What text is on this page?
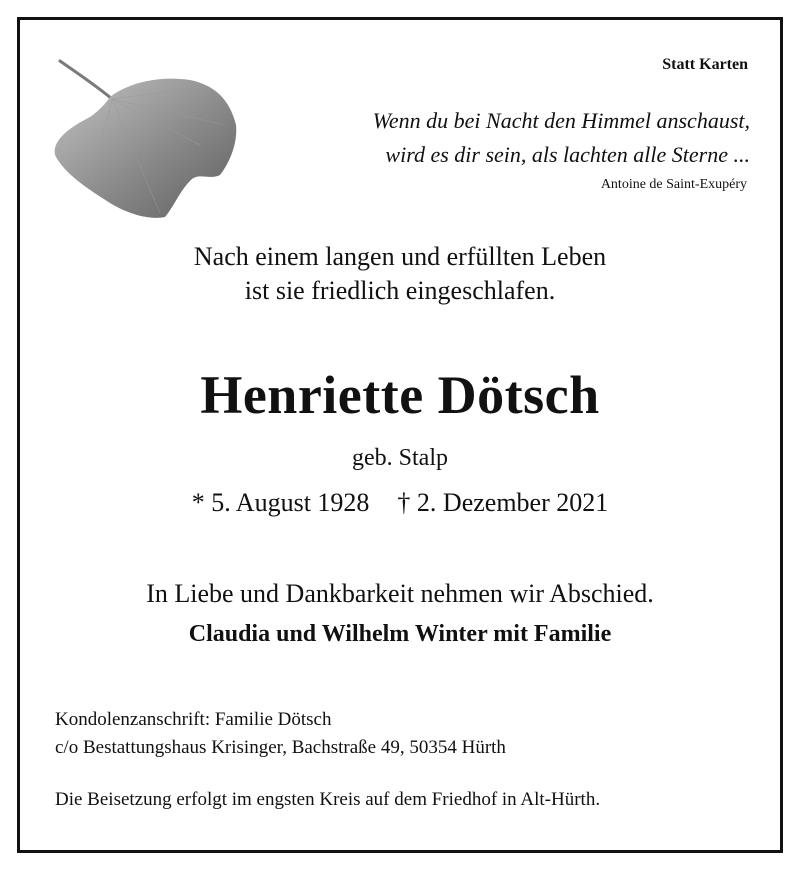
Statt Karten

Wenn du bei Nacht den Himmel anschaust,
wird es dir sein, als lachten alle Sterne ...

Antoine de Saint-Exupéry

Nach einem langen und erfüllten Leben
ist sie friedlich eingeschlafen.
Henriette Dötsch

geb. Stalp

* 5. August 1928 † 2. Dezember 2021

In Liebe und Dankbarkeit nehmen wir Abschied.

Claudia und Wilhelm Winter mit Familie

Kondolenzanschrift: Familie Dötsch
c/o Bestattungshaus Krisinger, Bachstraße 49, 50354 Hürth

Die Beisetzung erfolgt im engsten Kreis auf dem Friedhof in Alt-Hürth.
